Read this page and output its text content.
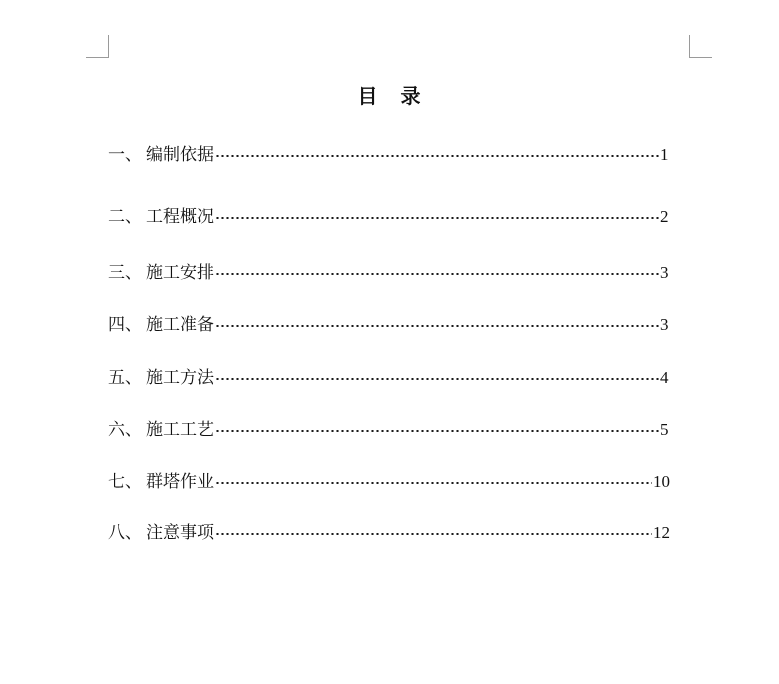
目 录
一、 编制依据	1
二、 工程概况	2
三、 施工安排	3
四、 施工准备	3
五、 施工方法	4
六、 施工工艺	5
七、 群塔作业	10
八、 注意事项	12
